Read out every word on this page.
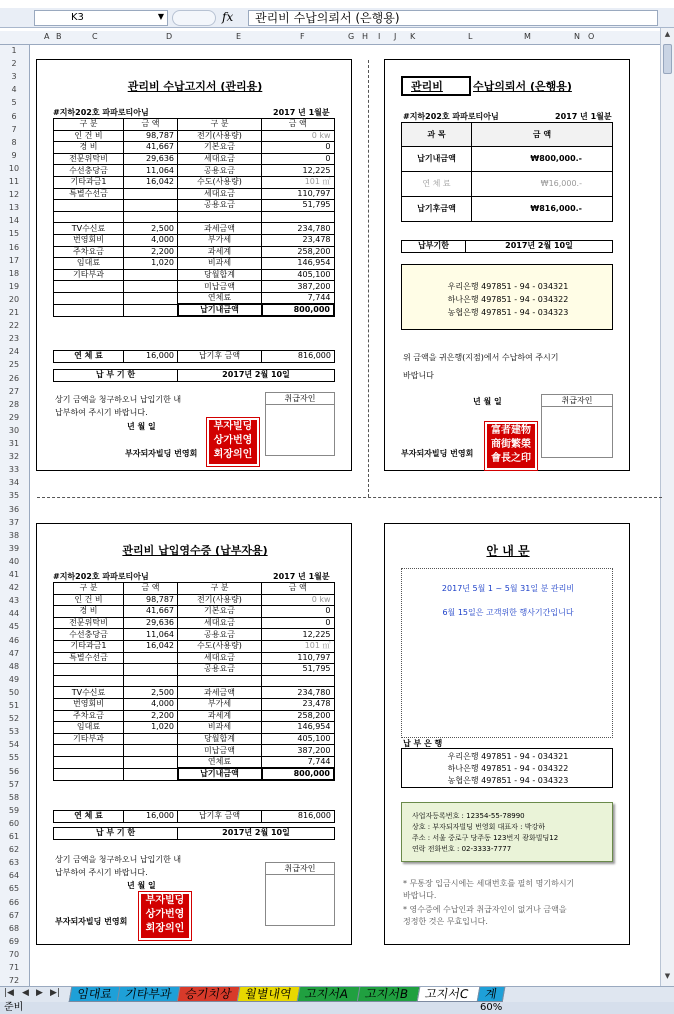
K3	▼	fx	관리비 수납의뢰서 (은행용)
A B	C	D	E	F	G H I J K	L	M	N O
1
2
3
4
5
6
7
8
9
10
11
12
13
14
15
16
17
18
19
20
21
22
23
24
25
26
27
28
29
30
31
32
33
34
35
36
37
38
39
40
41
42
43
44
45
46
47
48
49
50
51
52
53
54
55
56
57
58
59
60
61
62
63
64
65
66
67
68
69
70
71
72
▲
▼
관리비 수납고지서 (관리용)
#지하202호 파파로티아님	2017 년 1월분
구 분	금 액	구 분	금 액
인 건 비	98,787	전기(사용량)	0 kw
경 비	41,667	기본요금	0
전문위탁비	29,636	세대요금	0
수선충당금	11,064	공용요금	12,225
기타과금1	16,042	수도(사용량)	101 ㎥
특별수선금		세대요금	110,797
		공용요금	51,795

TV수신료	2,500	과세금액	234,780
번영회비	4,000	부가세	23,478
주차요금	2,200	과세계	258,200
임대료	1,020	비과세	146,954
기타부과		당월합계	405,100
		미납금액	387,200
		연체료	7,744
		납기내금액	800,000
연 체 료	16,000	납기후 금액	816,000
납 부 기 한	2017년 2월 10일
상기 금액을 청구하오니 납입기한 내
납부하여 주시기 바랍니다.
년 월 일
부자되자빌딩 번영회
부자빌딩
상가번영
회장의인
취급자인
관리비	수납의뢰서 (은행용)
#지하202호 파파로티아님	2017 년 1월분
과 목	금 액
납기내금액	₩800,000.-
연 체 료	₩16,000.-
납기후금액	₩816,000.-
납부기한	2017년 2월 10일
우리은행 497851 - 94 - 034321
하나은행 497851 - 94 - 034322
농협은행 497851 - 94 - 034323
위 금액을 귀은행(지점)에서 수납하여 주시기
바랍니다
년 월 일
부자되자빌딩 번영회
富者建物
商街繁榮
會長之印
취급자인
관리비 납입영수증 (납부자용)
#지하202호 파파로티아님	2017 년 1월분
구 분	금 액	구 분	금 액
인 건 비	98,787	전기(사용량)	0 kw
경 비	41,667	기본요금	0
전문위탁비	29,636	세대요금	0
수선충당금	11,064	공용요금	12,225
기타과금1	16,042	수도(사용량)	101 ㎥
특별수선금		세대요금	110,797
		공용요금	51,795

TV수신료	2,500	과세금액	234,780
번영회비	4,000	부가세	23,478
주차요금	2,200	과세계	258,200
임대료	1,020	비과세	146,954
기타부과		당월합계	405,100
		미납금액	387,200
		연체료	7,744
		납기내금액	800,000
연 체 료	16,000	납기후 금액	816,000
납 부 기 한	2017년 2월 10일
상기 금액을 청구하오니 납입기한 내
납부하여 주시기 바랍니다.
년 월 일
부자되자빌딩 번영회
부자빌딩
상가번영
회장의인
취급자인
안 내 문
2017년 5월 1 ~ 5월 31일 분 관리비
6월 15일은 고객위한 행사기간입니다
납 부 은 행
우리은행 497851 - 94 - 034321
하나은행 497851 - 94 - 034322
농협은행 497851 - 94 - 034323
사업자등록번호 : 12354-55-78990
상호 : 부자되자빌딩 번영회 대표자 : 박강하
주소 : 서울 중로구 당주동 123번지 광화빌딩12
연락 전화번호 : 02-3333-7777
* 무통장 입금시에는 세대번호를 필히 명기하시기
바랍니다.
* 영수증에 수납인과 취급자인이 없거나 금액을
정정한 것은 무효입니다.
|◀ ◀ ▶ ▶|	임대료 기타부과 승기치상 월별내역 고지서A	고지서B	고지서C	계
준비	60%
